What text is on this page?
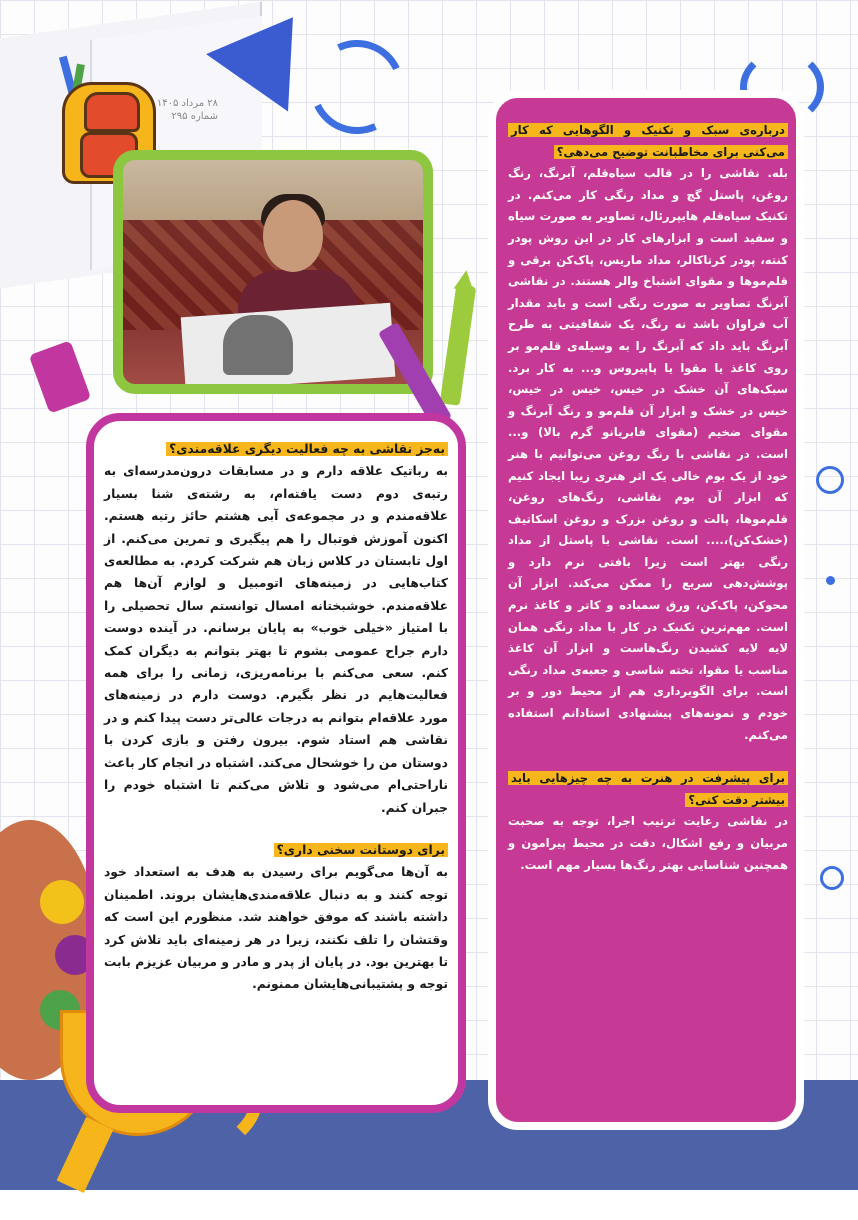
۲۸ مرداد ۱۴۰۵
شماره ۲۹۵

به‌جز نقاشی به چه فعالیت دیگری علاقه‌مندی؟

به رباتیک علاقه دارم و در مسابقات درون‌مدرسه‌ای به رتبه‌ی دوم دست یافته‌ام، به رشته‌ی شنا بسیار علاقه‌مندم و در مجموعه‌ی آبی هشتم حائز رتبه هستم. اکنون آموزش فوتبال را هم پیگیری و تمرین می‌کنم. از اول تابستان در کلاس زبان هم شرکت کردم. به مطالعه‌ی کتاب‌هایی در زمینه‌های اتومبیل و لوازم آن‌ها هم علاقه‌مندم. خوشبختانه امسال توانستم سال تحصیلی را با امتیاز «خیلی خوب» به پایان برسانم. در آینده دوست دارم جراح عمومی بشوم تا بهتر بتوانم به دیگران کمک کنم. سعی می‌کنم با برنامه‌ریزی، زمانی را برای همه فعالیت‌هایم در نظر بگیرم. دوست دارم در زمینه‌های مورد علاقه‌ام بتوانم به درجات عالی‌تر دست پیدا کنم و در نقاشی هم استاد شوم. بیرون رفتن و بازی کردن با دوستان من را خوشحال می‌کند. اشتباه در انجام کار باعث ناراحتی‌ام می‌شود و تلاش می‌کنم تا اشتباه خودم را جبران کنم.

برای دوستانت سخنی داری؟

به آن‌ها می‌گویم برای رسیدن به هدف به استعداد خود توجه کنند و به دنبال علاقه‌مندی‌هایشان بروند. اطمینان داشته باشند که موفق خواهند شد. منظورم این است که وقتشان را تلف نکنند، زیرا در هر زمینه‌ای باید تلاش کرد تا بهترین بود. در پایان از پدر و مادر و مربیان عزیزم بابت توجه و پشتیبانی‌هایشان ممنونم.

درباره‌ی سبک و تکنیک و الگوهایی که کار می‌کنی برای مخاطبانت توضیح می‌دهی؟

بله. نقاشی را در قالب سیاه‌قلم، آبرنگ، رنگ روغن، پاستل گچ و مداد رنگی کار می‌کنم. در تکنیک سیاه‌قلم هایپررئال، تصاویر به صورت سیاه و سفید است و ابزارهای کار در این روش پودر کنته، پودر کرتاکالر، مداد ماریس، پاک‌کن برقی و قلم‌موها و مقوای اشتباخ والر هستند. در نقاشی آبرنگ تصاویر به صورت رنگی است و باید مقدار آب فراوان باشد نه رنگ، یک شفافیتی به طرح آبرنگ باید داد که آبرنگ را به وسیله‌ی قلم‌مو بر روی کاغذ یا مقوا یا پاپیروس و... به کار برد. سبک‌های آن خشک در خیس، خیس در خیس، خیس در خشک و ابزار آن قلم‌مو و رنگ آبرنگ و مقوای ضخیم (مقوای فابریانو گرم بالا) و... است. در نقاشی با رنگ روغن می‌توانیم با هنر خود از یک بوم خالی یک اثر هنری زیبا ایجاد کنیم که ابزار آن بوم نقاشی، رنگ‌های روغن، قلم‌موها، پالت و روغن بزرک و روغن اسکاتیف (خشک‌کن)،.... است. نقاشی با پاستل از مداد رنگی بهتر است زیرا بافتی نرم دارد و پوشش‌دهی سریع را ممکن می‌کند. ابزار آن محوکن، پاک‌کن، ورق سمباده و کاتر و کاغذ نرم است. مهم‌ترین تکنیک در کار با مداد رنگی همان لایه لایه کشیدن رنگ‌هاست و ابزار آن کاغذ مناسب یا مقوا، تخته شاسی و جعبه‌ی مداد رنگی است. برای الگوبرداری هم از محیط دور و بر خودم و نمونه‌های پیشنهادی استادانم استفاده می‌کنم.

برای پیشرفت در هنرت به چه چیزهایی باید بیشتر دقت کنی؟

در نقاشی رعایت ترتیب اجرا، توجه به صحبت مربیان و رفع اشکال، دقت در محیط پیرامون و همچنین شناسایی بهتر رنگ‌ها بسیار مهم است.
